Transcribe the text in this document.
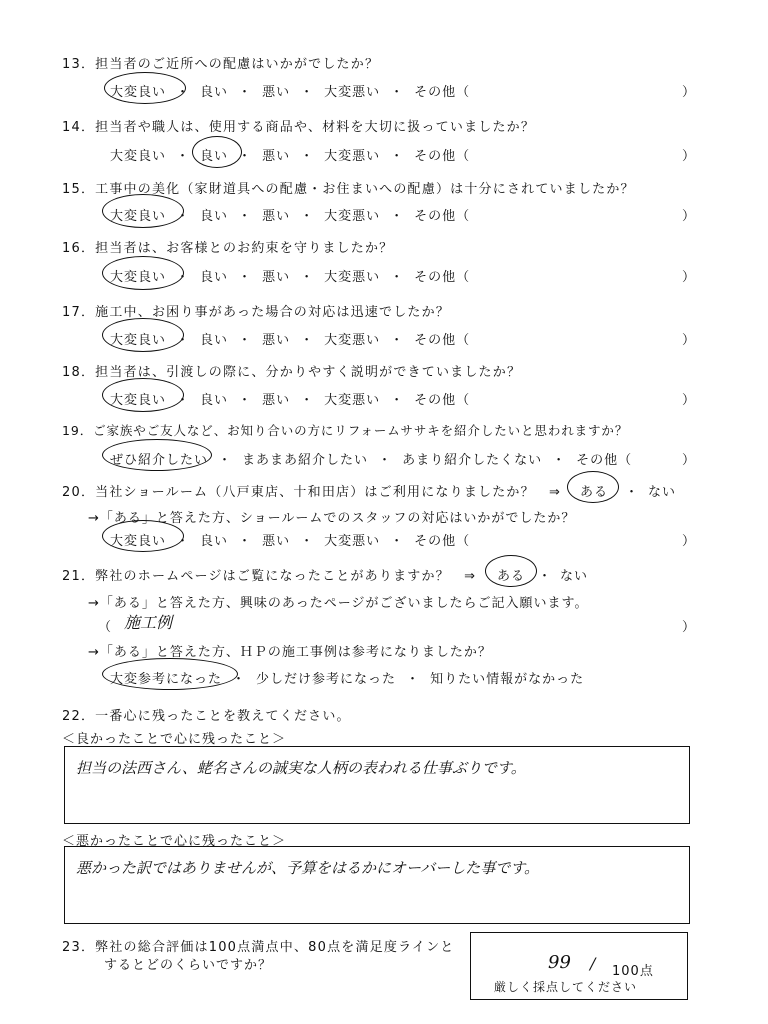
13．担当者のご近所への配慮はいかがでしたか？
大変良い ・ 良い ・ 悪い ・ 大変悪い ・ その他（	）
14．担当者や職人は、使用する商品や、材料を大切に扱っていましたか？
大変良い ・ 良い ・ 悪い ・ 大変悪い ・ その他（	）
15．工事中の美化（家財道具への配慮・お住まいへの配慮）は十分にされていましたか？
大変良い ・ 良い ・ 悪い ・ 大変悪い ・ その他（	）
16．担当者は、お客様とのお約束を守りましたか？
大変良い ・ 良い ・ 悪い ・ 大変悪い ・ その他（	）
17．施工中、お困り事があった場合の対応は迅速でしたか？
大変良い ・ 良い ・ 悪い ・ 大変悪い ・ その他（	）
18．担当者は、引渡しの際に、分かりやすく説明ができていましたか？
大変良い ・ 良い ・ 悪い ・ 大変悪い ・ その他（	）
19．ご家族やご友人など、お知り合いの方にリフォームササキを紹介したいと思われますか？
ぜひ紹介したい ・ まあまあ紹介したい ・ あまり紹介したくない ・ その他（	）
20．当社ショールーム（八戸東店、十和田店）はご利用になりましたか？　⇒ ある ・ ない
→「ある」と答えた方、ショールームでのスタッフの対応はいかがでしたか？
大変良い ・ 良い ・ 悪い ・ 大変悪い ・ その他（	）
21．弊社のホームページはご覧になったことがありますか？　⇒ ある ・ ない
→「ある」と答えた方、興味のあったページがございましたらご記入願います。
（ 施工例	）
→「ある」と答えた方、ＨＰの施工事例は参考になりましたか？
大変参考になった ・ 少しだけ参考になった ・ 知りたい情報がなかった
22．一番心に残ったことを教えてください。
＜良かったことで心に残ったこと＞
担当の法西さん、蛯名さんの誠実な人柄の表われる仕事ぶりです。
＜悪かったことで心に残ったこと＞
悪かった訳ではありませんが、予算をはるかにオーバーした事です。
23．弊社の総合評価は100点満点中、80点を満足度ラインと
するとどのくらいですか？	99 / 100点
厳しく採点してください
